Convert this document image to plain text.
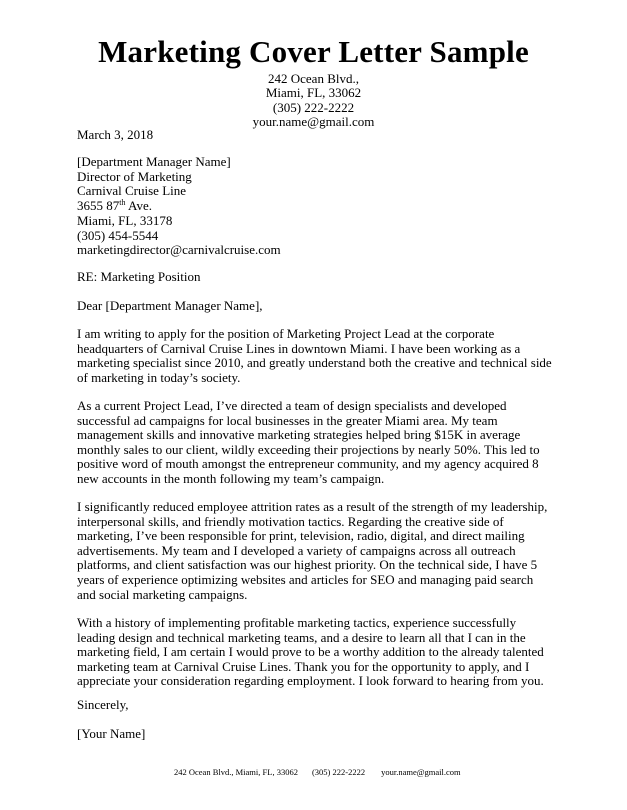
Marketing Cover Letter Sample
242 Ocean Blvd.,
Miami, FL, 33062
(305) 222-2222
your.name@gmail.com
March 3, 2018
[Department Manager Name]
Director of Marketing
Carnival Cruise Line
3655 87th Ave.
Miami, FL, 33178
(305) 454-5544
marketingdirector@carnivalcruise.com
RE: Marketing Position
Dear [Department Manager Name],

I am writing to apply for the position of Marketing Project Lead at the corporate headquarters of Carnival Cruise Lines in downtown Miami. I have been working as a marketing specialist since 2010, and greatly understand both the creative and technical side of marketing in today’s society.

As a current Project Lead, I’ve directed a team of design specialists and developed successful ad campaigns for local businesses in the greater Miami area. My team management skills and innovative marketing strategies helped bring $15K in average monthly sales to our client, wildly exceeding their projections by nearly 50%. This led to positive word of mouth amongst the entrepreneur community, and my agency acquired 8 new accounts in the month following my team’s campaign.

I significantly reduced employee attrition rates as a result of the strength of my leadership, interpersonal skills, and friendly motivation tactics. Regarding the creative side of marketing, I’ve been responsible for print, television, radio, digital, and direct mailing advertisements. My team and I developed a variety of campaigns across all outreach platforms, and client satisfaction was our highest priority. On the technical side, I have 5 years of experience optimizing websites and articles for SEO and managing paid search and social marketing campaigns.

With a history of implementing profitable marketing tactics, experience successfully leading design and technical marketing teams, and a desire to learn all that I can in the marketing field, I am certain I would prove to be a worthy addition to the already talented marketing team at Carnival Cruise Lines. Thank you for the opportunity to apply, and I appreciate your consideration regarding employment. I look forward to hearing from you.

Sincerely,
[Your Name]
242 Ocean Blvd., Miami, FL, 33062 (305) 222-2222 your.name@gmail.com
